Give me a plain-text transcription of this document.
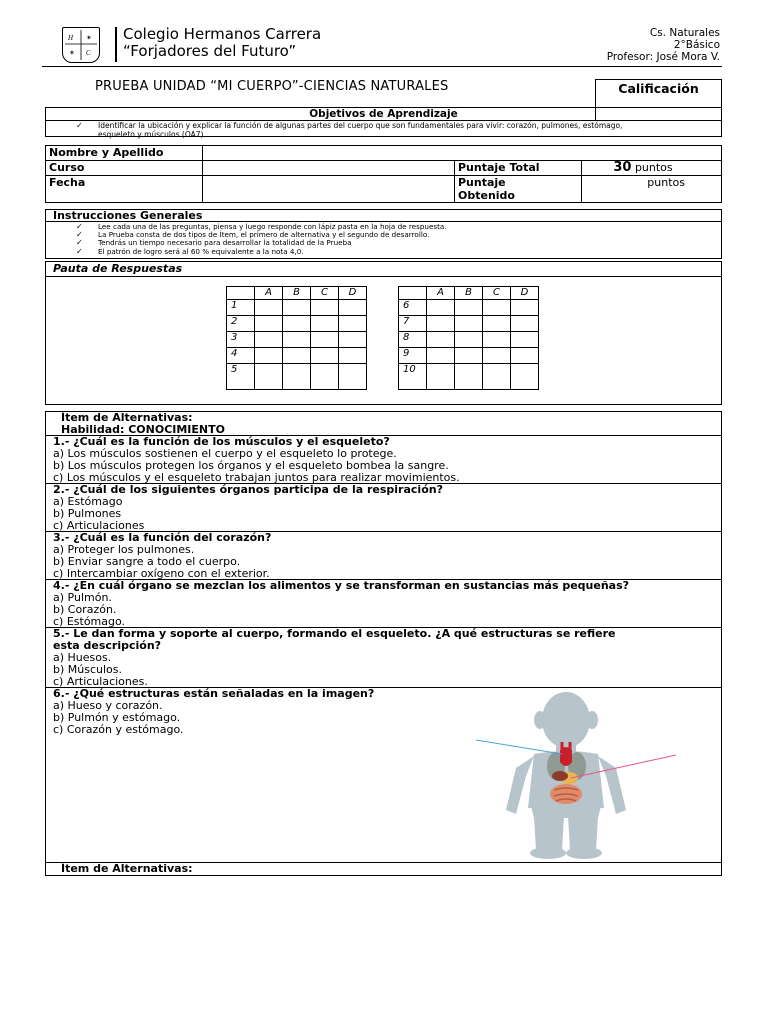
H ✶
✶ C
Colegio Hermanos Carrera
“Forjadores del Futuro”
Cs. Naturales
2°Básico
Profesor: José Mora V.
PRUEBA UNIDAD “MI CUERPO”-CIENCIAS NATURALES	Calificación
Objetivos de Aprendizaje
✓ Identificar la ubicación y explicar la función de algunas partes del cuerpo que son fundamentales para vivir: corazón, pulmones, estómago,
esqueleto y músculos.(OA7)
Nombre y Apellido			
Curso		Puntaje Total	30 puntos
Fecha		Puntaje
Obtenido	puntos
Instrucciones Generales
✓ Lee cada una de las preguntas, piensa y luego responde con lápiz pasta en la hoja de respuesta.
✓ La Prueba consta de dos tipos de Ítem, el primero de alternativa y el segundo de desarrollo.
✓ Tendrás un tiempo necesario para desarrollar la totalidad de la Prueba
✓ El patrón de logro será al 60 % equivalente a la nota 4,0.
Pauta de Respuestas
	A	B	C	D
1				
2				
3				
4				
5				
	A	B	C	D
6				
7				
8				
9				
10				
Ítem de Alternativas:
Habilidad: CONOCIMIENTO
1.- ¿Cuál es la función de los músculos y el esqueleto?
a) Los músculos sostienen el cuerpo y el esqueleto lo protege.
b) Los músculos protegen los órganos y el esqueleto bombea la sangre.
c) Los músculos y el esqueleto trabajan juntos para realizar movimientos.
2.- ¿Cuál de los siguientes órganos participa de la respiración?
a) Estómago
b) Pulmones
c) Articulaciones
3.- ¿Cuál es la función del corazón?
a) Proteger los pulmones.
b) Enviar sangre a todo el cuerpo.
c) Intercambiar oxígeno con el exterior.
4.- ¿En cuál órgano se mezclan los alimentos y se transforman en sustancias más pequeñas?
a) Pulmón.
b) Corazón.
c) Estómago.
5.- Le dan forma y soporte al cuerpo, formando el esqueleto. ¿A qué estructuras se refiere
esta descripción?
a) Huesos.
b) Músculos.
c) Articulaciones.
6.- ¿Qué estructuras están señaladas en la imagen?
a) Hueso y corazón.
b) Pulmón y estómago.
c) Corazón y estómago.
Ítem de Alternativas:
